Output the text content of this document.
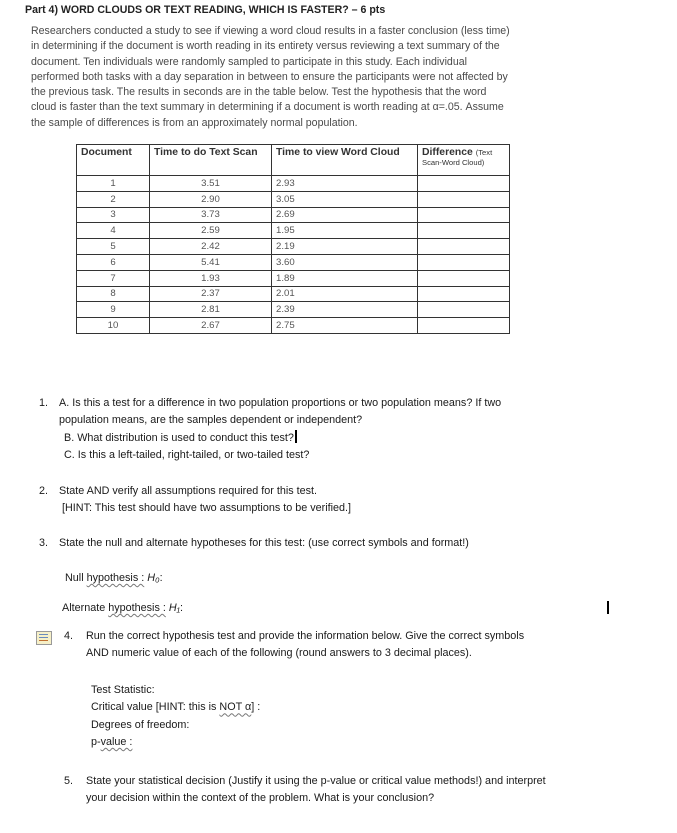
Part 4) WORD CLOUDS OR TEXT READING, WHICH IS FASTER? – 6 pts

Researchers conducted a study to see if viewing a word cloud results in a faster conclusion (less time)

in determining if the document is worth reading in its entirety versus reviewing a text summary of the

document. Ten individuals were randomly sampled to participate in this study. Each individual

performed both tasks with a day separation in between to ensure the participants were not affected by

the previous task. The results in seconds are in the table below. Test the hypothesis that the word

cloud is faster than the text summary in determining if a document is worth reading at α=.05. Assume

the sample of differences is from an approximately normal population.

Document	Time to do Text Scan	Time to view Word Cloud	Difference (Text
Scan-Word Cloud)

1	3.51	2.93	
2	2.90	3.05	
3	3.73	2.69	
4	2.59	1.95	
5	2.42	2.19	
6	5.41	3.60	
7	1.93	1.89	
8	2.37	2.01	
9	2.81	2.39	
10	2.67	2.75	

1. A. Is this a test for a difference in two population proportions or two population means? If two

population means, are the samples dependent or independent?

B. What distribution is used to conduct this test?

C. Is this a left-tailed, right-tailed, or two-tailed test?

2. State AND verify all assumptions required for this test.

[HINT: This test should have two assumptions to be verified.]

3. State the null and alternate hypotheses for this test: (use correct symbols and format!)

Null hypothesis : H₀:
Alternate hypothesis : H₁:

4. Run the correct hypothesis test and provide the information below. Give the correct symbols

AND numeric value of each of the following (round answers to 3 decimal places).

Test Statistic:

Critical value [HINT: this is NOT α] :

Degrees of freedom:

p-value :

5. State your statistical decision (Justify it using the p-value or critical value methods!) and interpret

your decision within the context of the problem. What is your conclusion?
